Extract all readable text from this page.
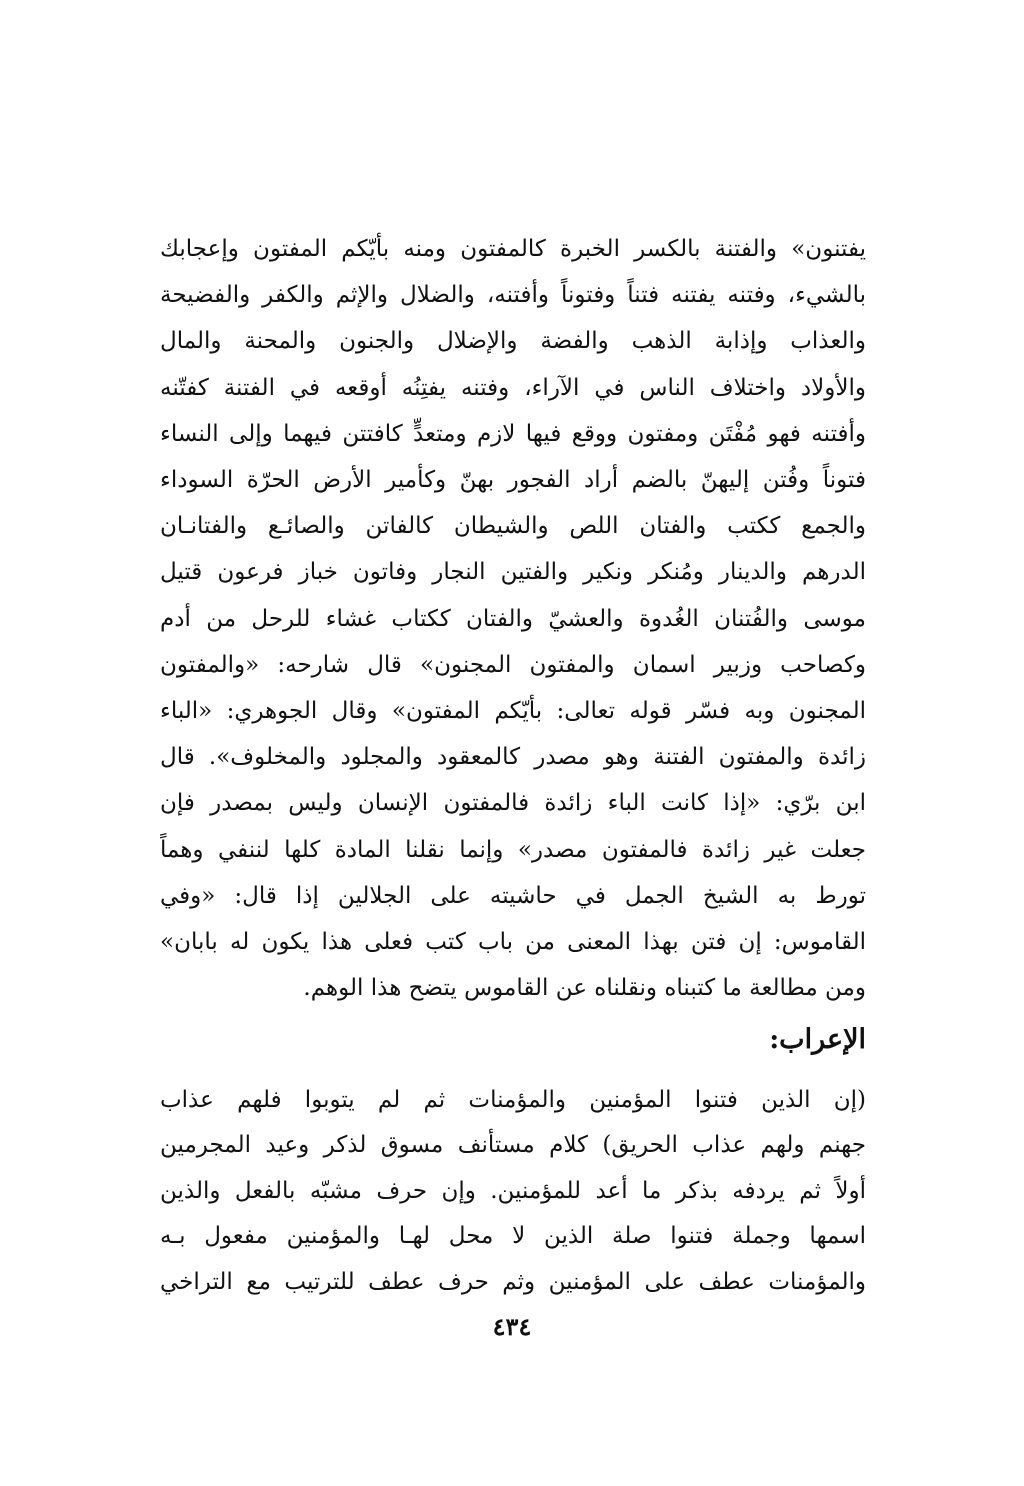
يفتنون» والفتنة بالكسر الخبرة كالمفتون ومنه بأيّكم المفتون وإعجابك
بالشيء، وفتنه يفتنه فتناً وفتوناً وأفتنه، والضلال والإثم والكفر والفضيحة
والعذاب وإذابة الذهب والفضة والإضلال والجنون والمحنة والمال
والأولاد واختلاف الناس في الآراء، وفتنه يفتِنُه أوقعه في الفتنة كفتّنه
وأفتنه فهو مُفْتَن ومفتون ووقع فيها لازم ومتعدٍّ كافتتن فيهما وإلى النساء
فتوناً وفُتن إليهنّ بالضم أراد الفجور بهنّ وكأمير الأرض الحرّة السوداء
والجمع ككتب والفتان اللص والشيطان كالفاتن والصائـع والفتانـان
الدرهم والدينار ومُنكر ونكير والفتين النجار وفاتون خباز فرعون قتيل
موسى والفُتنان الغُدوة والعشيّ والفتان ككتاب غشاء للرحل من أدم
وكصاحب وزبير اسمان والمفتون المجنون» قال شارحه: «والمفتون
المجنون وبه فسّر قوله تعالى: بأيّكم المفتون» وقال الجوهري: «الباء
زائدة والمفتون الفتنة وهو مصدر كالمعقود والمجلود والمخلوف». قال
ابن برّي: «إذا كانت الباء زائدة فالمفتون الإنسان وليس بمصدر فإن
جعلت غير زائدة فالمفتون مصدر» وإنما نقلنا المادة كلها لننفي وهماً
تورط به الشيخ الجمل في حاشيته على الجلالين إذا قال: «وفي
القاموس: إن فتن بهذا المعنى من باب كتب فعلى هذا يكون له بابان»
ومن مطالعة ما كتبناه ونقلناه عن القاموس يتضح هذا الوهم.
الإعراب:
(إن الذين فتنوا المؤمنين والمؤمنات ثم لم يتوبوا فلهم عذاب
جهنم ولهم عذاب الحريق) كلام مستأنف مسوق لذكر وعيد المجرمين
أولاً ثم يردفه بذكر ما أعد للمؤمنين. وإن حرف مشبّه بالفعل والذين
اسمها وجملة فتنوا صلة الذين لا محل لهـا والمؤمنين مفعول بـه
والمؤمنات عطف على المؤمنين وثم حرف عطف للترتيب مع التراخي
٤٣٤
